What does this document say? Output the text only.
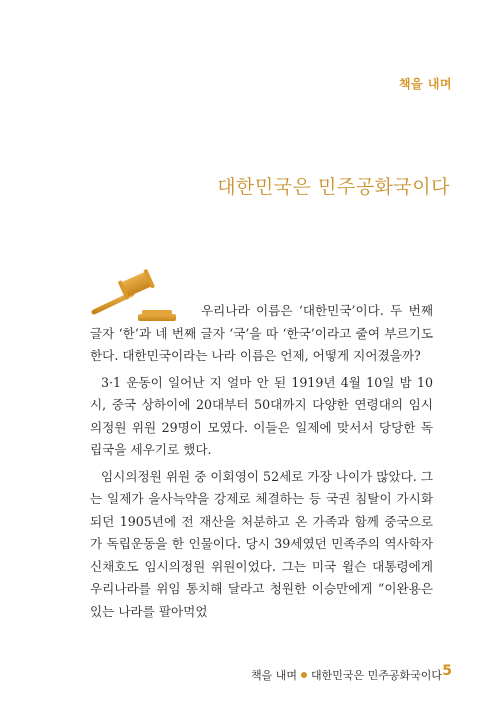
책을 내며
대한민국은 민주공화국이다

우리나라 이름은 ‘대한민국’이다. 두 번째 글자 ‘한’과 네 번째 글자 ‘국’을 따 ‘한국’이라고 줄여 부르기도 한다. 대한민국이라는 나라 이름은 언제, 어떻게 지어졌을까?

3·1 운동이 일어난 지 얼마 안 된 1919년 4월 10일 밤 10시, 중국 상하이에 20대부터 50대까지 다양한 연령대의 임시의정원 위원 29명이 모였다. 이들은 일제에 맞서서 당당한 독립국을 세우기로 했다.

임시의정원 위원 중 이회영이 52세로 가장 나이가 많았다. 그는 일제가 을사늑약을 강제로 체결하는 등 국권 침탈이 가시화되던 1905년에 전 재산을 처분하고 온 가족과 함께 중국으로 가 독립운동을 한 인물이다. 당시 39세였던 민족주의 역사학자 신채호도 임시의정원 위원이었다. 그는 미국 윌슨 대통령에게 우리나라를 위임 통치해 달라고 청원한 이승만에게 “이완용은 있는 나라를 팔아먹었

책을 내며 대한민국은 민주공화국이다 5
